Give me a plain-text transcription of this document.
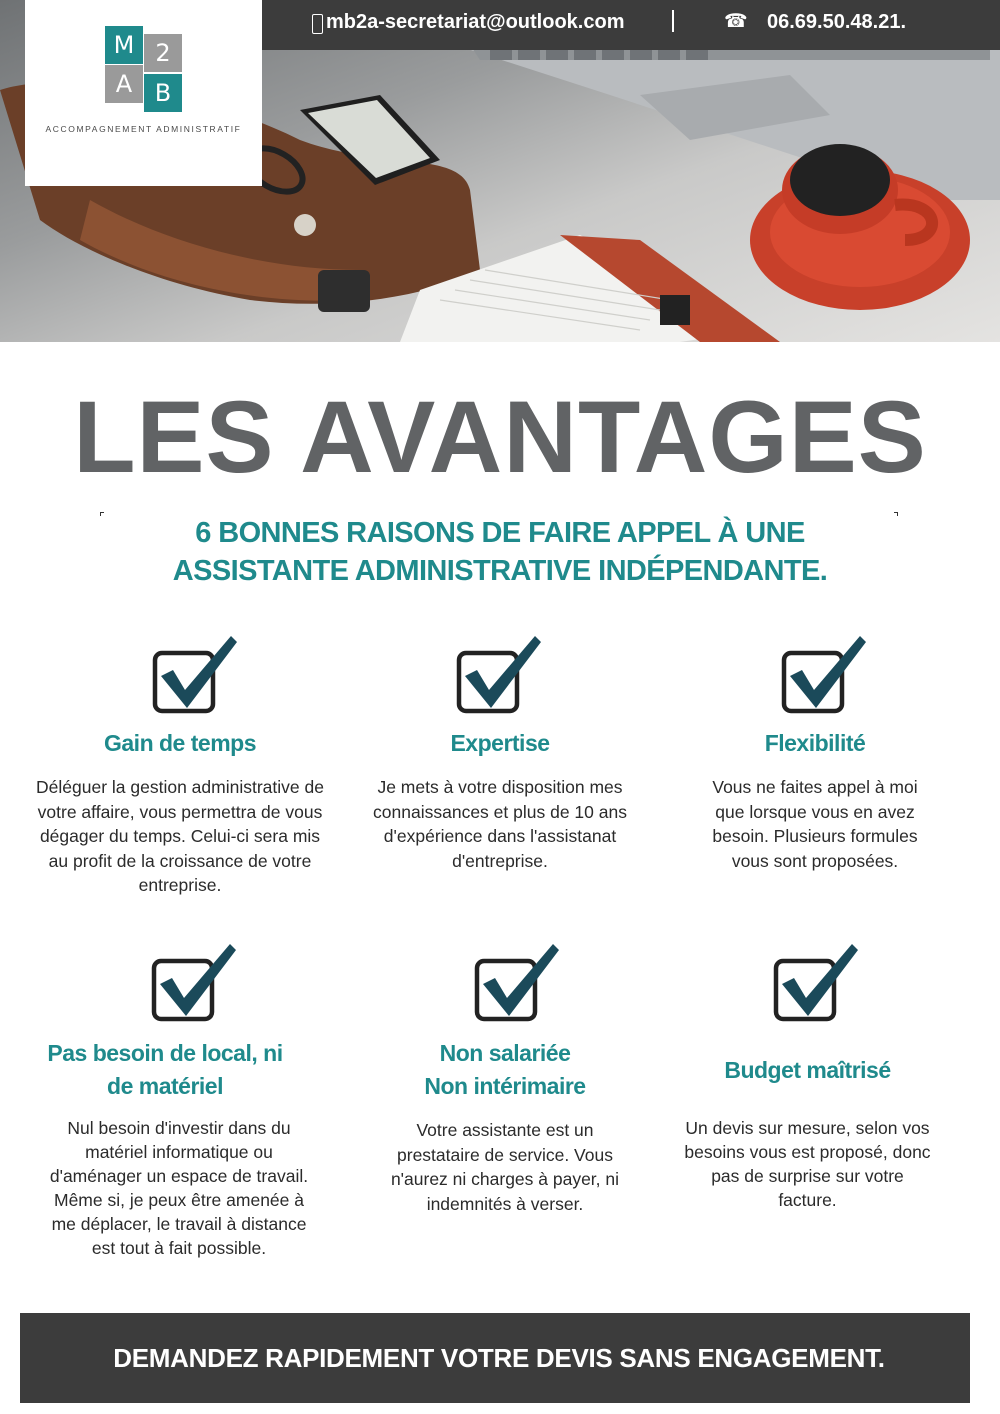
mb2a-secretariat@outlook.com	☎ 06.69.50.48.21.
M 2
A B
ACCOMPAGNEMENT ADMINISTRATIF
LES AVANTAGES
6 BONNES RAISONS DE FAIRE APPEL À UNE
ASSISTANTE ADMINISTRATIVE INDÉPENDANTE.
Gain de temps

Déléguer la gestion administrative de votre affaire, vous permettra de vous dégager du temps. Celui-ci sera mis au profit de la croissance de votre entreprise.

Expertise

Je mets à votre disposition mes connaissances et plus de 10 ans d'expérience dans l'assistanat d'entreprise.

Flexibilité

Vous ne faites appel à moi que lorsque vous en avez besoin. Plusieurs formules vous sont proposées.

Pas besoin de local, ni
de matériel

Nul besoin d'investir dans du matériel informatique ou d'aménager un espace de travail. Même si, je peux être amenée à me déplacer, le travail à distance est tout à fait possible.

Non salariée
Non intérimaire

Votre assistante est un prestataire de service. Vous n'aurez ni charges à payer, ni indemnités à verser.

Budget maîtrisé

Un devis sur mesure, selon vos besoins vous est proposé, donc pas de surprise sur votre facture.

DEMANDEZ RAPIDEMENT VOTRE DEVIS SANS ENGAGEMENT.
